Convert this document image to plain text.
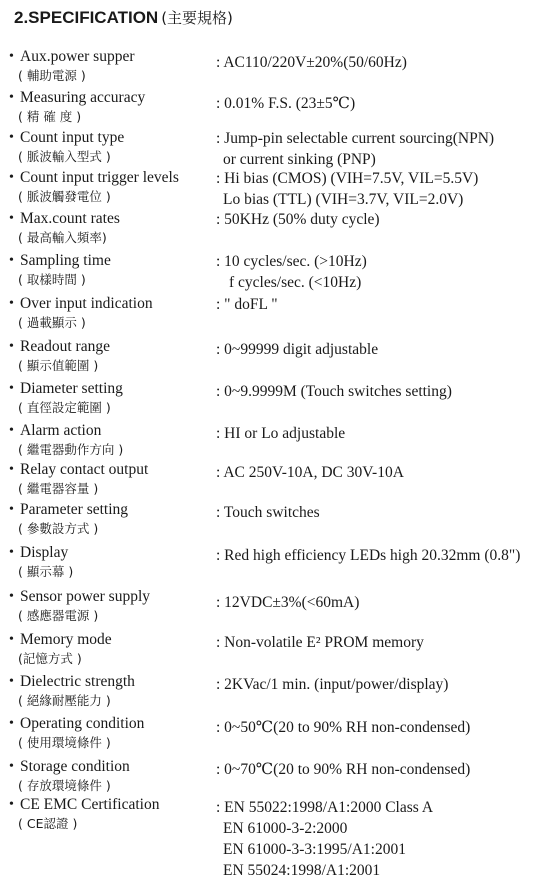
2.SPECIFICATION (主要規格)
• Aux.power supper
( 輔助電源 )
: AC110/220V±20%(50/60Hz)
• Measuring accuracy
( 精 確 度 )
: 0.01% F.S. (23±5℃)
• Count input type
( 脈波輸入型式 )
: Jump-pin selectable current sourcing(NPN)
or current sinking (PNP)
• Count input trigger levels
( 脈波觸發電位 )
: Hi bias (CMOS) (VIH=7.5V, VIL=5.5V)
Lo bias (TTL) (VIH=3.7V, VIL=2.0V)
• Max.count rates
( 最高輸入頻率)
: 50KHz (50% duty cycle)
• Sampling time
( 取樣時間 )
: 10 cycles/sec. (>10Hz)
f cycles/sec. (<10Hz)
• Over input indication
( 過載顯示 )
: " doFL "
• Readout range
( 顯示值範圍 )
: 0~99999 digit adjustable
• Diameter setting
( 直徑設定範圍 )
: 0~9.9999M (Touch switches setting)
• Alarm action
( 繼電器動作方向 )
: HI or Lo adjustable
• Relay contact output
( 繼電器容量 )
: AC 250V-10A, DC 30V-10A
• Parameter setting
( 參數設方式 )
: Touch switches
• Display
( 顯示幕 )
: Red high efficiency LEDs high 20.32mm (0.8")
• Sensor power supply
( 感應器電源 )
: 12VDC±3%(<60mA)
• Memory mode
(記憶方式 )
: Non-volatile E² PROM memory
• Dielectric strength
( 絕緣耐壓能力 )
: 2KVac/1 min. (input/power/display)
• Operating condition
( 使用環境條件 )
: 0~50℃(20 to 90% RH non-condensed)
• Storage condition
( 存放環境條件 )
: 0~70℃(20 to 90% RH non-condensed)
• CE EMC Certification
( CE認證 )
: EN 55022:1998/A1:2000 Class A
EN 61000-3-2:2000
EN 61000-3-3:1995/A1:2001
EN 55024:1998/A1:2001
